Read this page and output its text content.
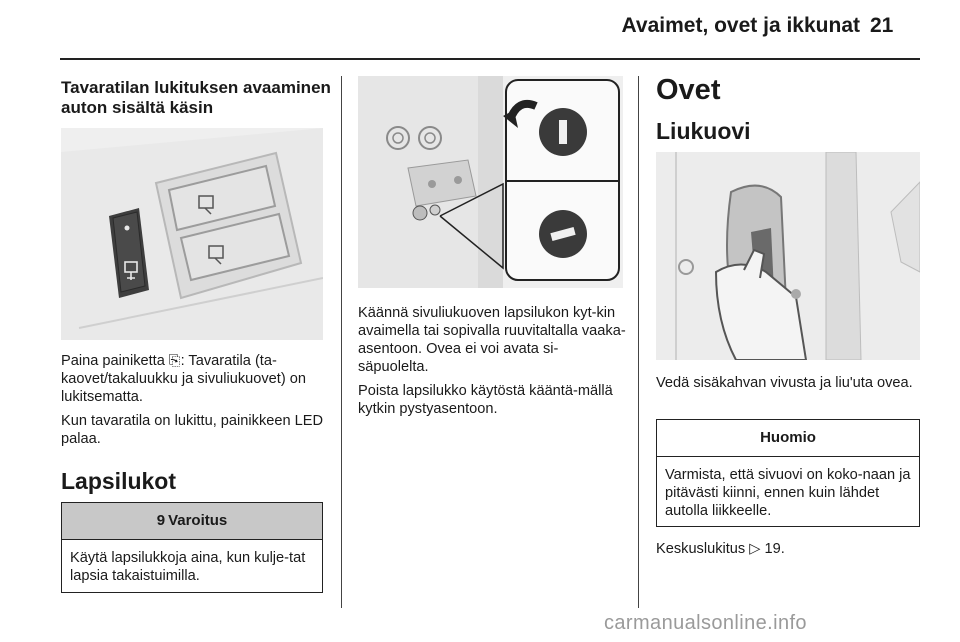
Avaimet, ovet ja ikkunat 21
Tavaratilan lukituksen avaaminen auton sisältä käsin
Paina painiketta ⎘: Tavaratila (ta-kaovet/takaluukku ja sivuliukuovet) on lukitsematta.
Kun tavaratila on lukittu, painikkeen LED palaa.
Lapsilukot
9 Varoitus
Käytä lapsilukkoja aina, kun kulje-tat lapsia takaistuimilla.
Käännä sivuliukuoven lapsilukon kyt-kin avaimella tai sopivalla ruuvitaltalla vaaka-asentoon. Ovea ei voi avata si-säpuolelta.
Poista lapsilukko käytöstä kääntä-mällä kytkin pystyasentoon.
Ovet
Liukuovi
Vedä sisäkahvan vivusta ja liu'uta ovea.
Huomio
Varmista, että sivuovi on koko-naan ja pitävästi kiinni, ennen kuin lähdet autolla liikkeelle.
Keskuslukitus ▷ 19.
carmanualsonline.info
